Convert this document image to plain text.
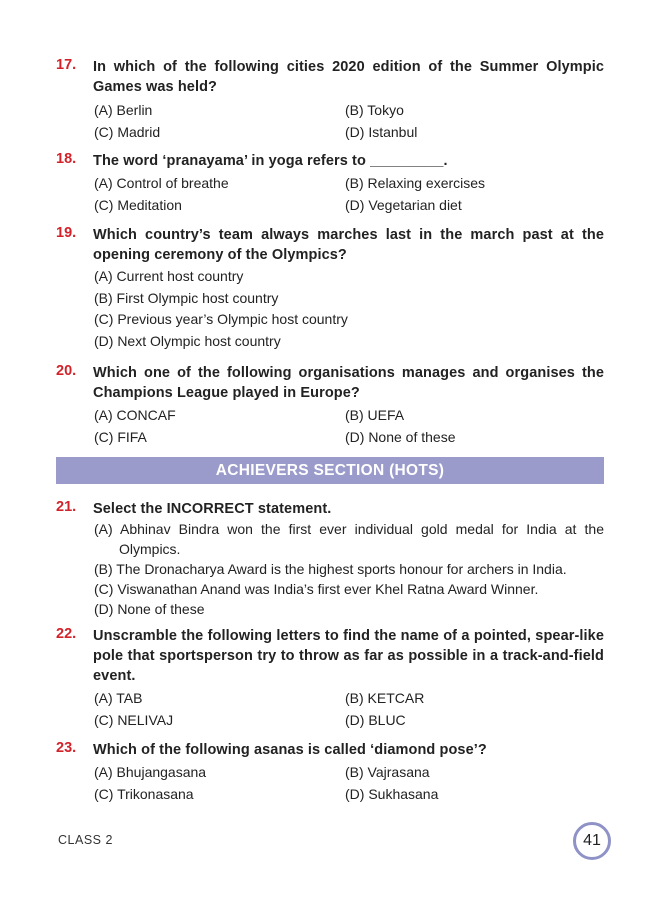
17. In which of the following cities 2020 edition of the Summer Olympic Games was held?
(A) Berlin	(B) Tokyo
(C) Madrid	(D) Istanbul
18. The word ‘pranayama’ in yoga refers to _________.
(A) Control of breathe	(B) Relaxing exercises
(C) Meditation	(D) Vegetarian diet
19. Which country’s team always marches last in the march past at the opening ceremony of the Olympics?
(A) Current host country
(B) First Olympic host country
(C) Previous year’s Olympic host country
(D) Next Olympic host country
20. Which one of the following organisations manages and organises the Champions League played in Europe?
(A) CONCAF	(B) UEFA
(C) FIFA	(D) None of these
ACHIEVERS SECTION (HOTS)
21. Select the INCORRECT statement.
(A) Abhinav Bindra won the first ever individual gold medal for India at the Olympics.
(B) The Dronacharya Award is the highest sports honour for archers in India.
(C) Viswanathan Anand was India’s first ever Khel Ratna Award Winner.
(D) None of these
22. Unscramble the following letters to find the name of a pointed, spear-like pole that sportsperson try to throw as far as possible in a track-and-field event.
(A) TAB	(B) KETCAR
(C) NELIVAJ	(D) BLUC
23. Which of the following asanas is called ‘diamond pose’?
(A) Bhujangasana	(B) Vajrasana
(C) Trikonasana	(D) Sukhasana
CLASS 2	41
